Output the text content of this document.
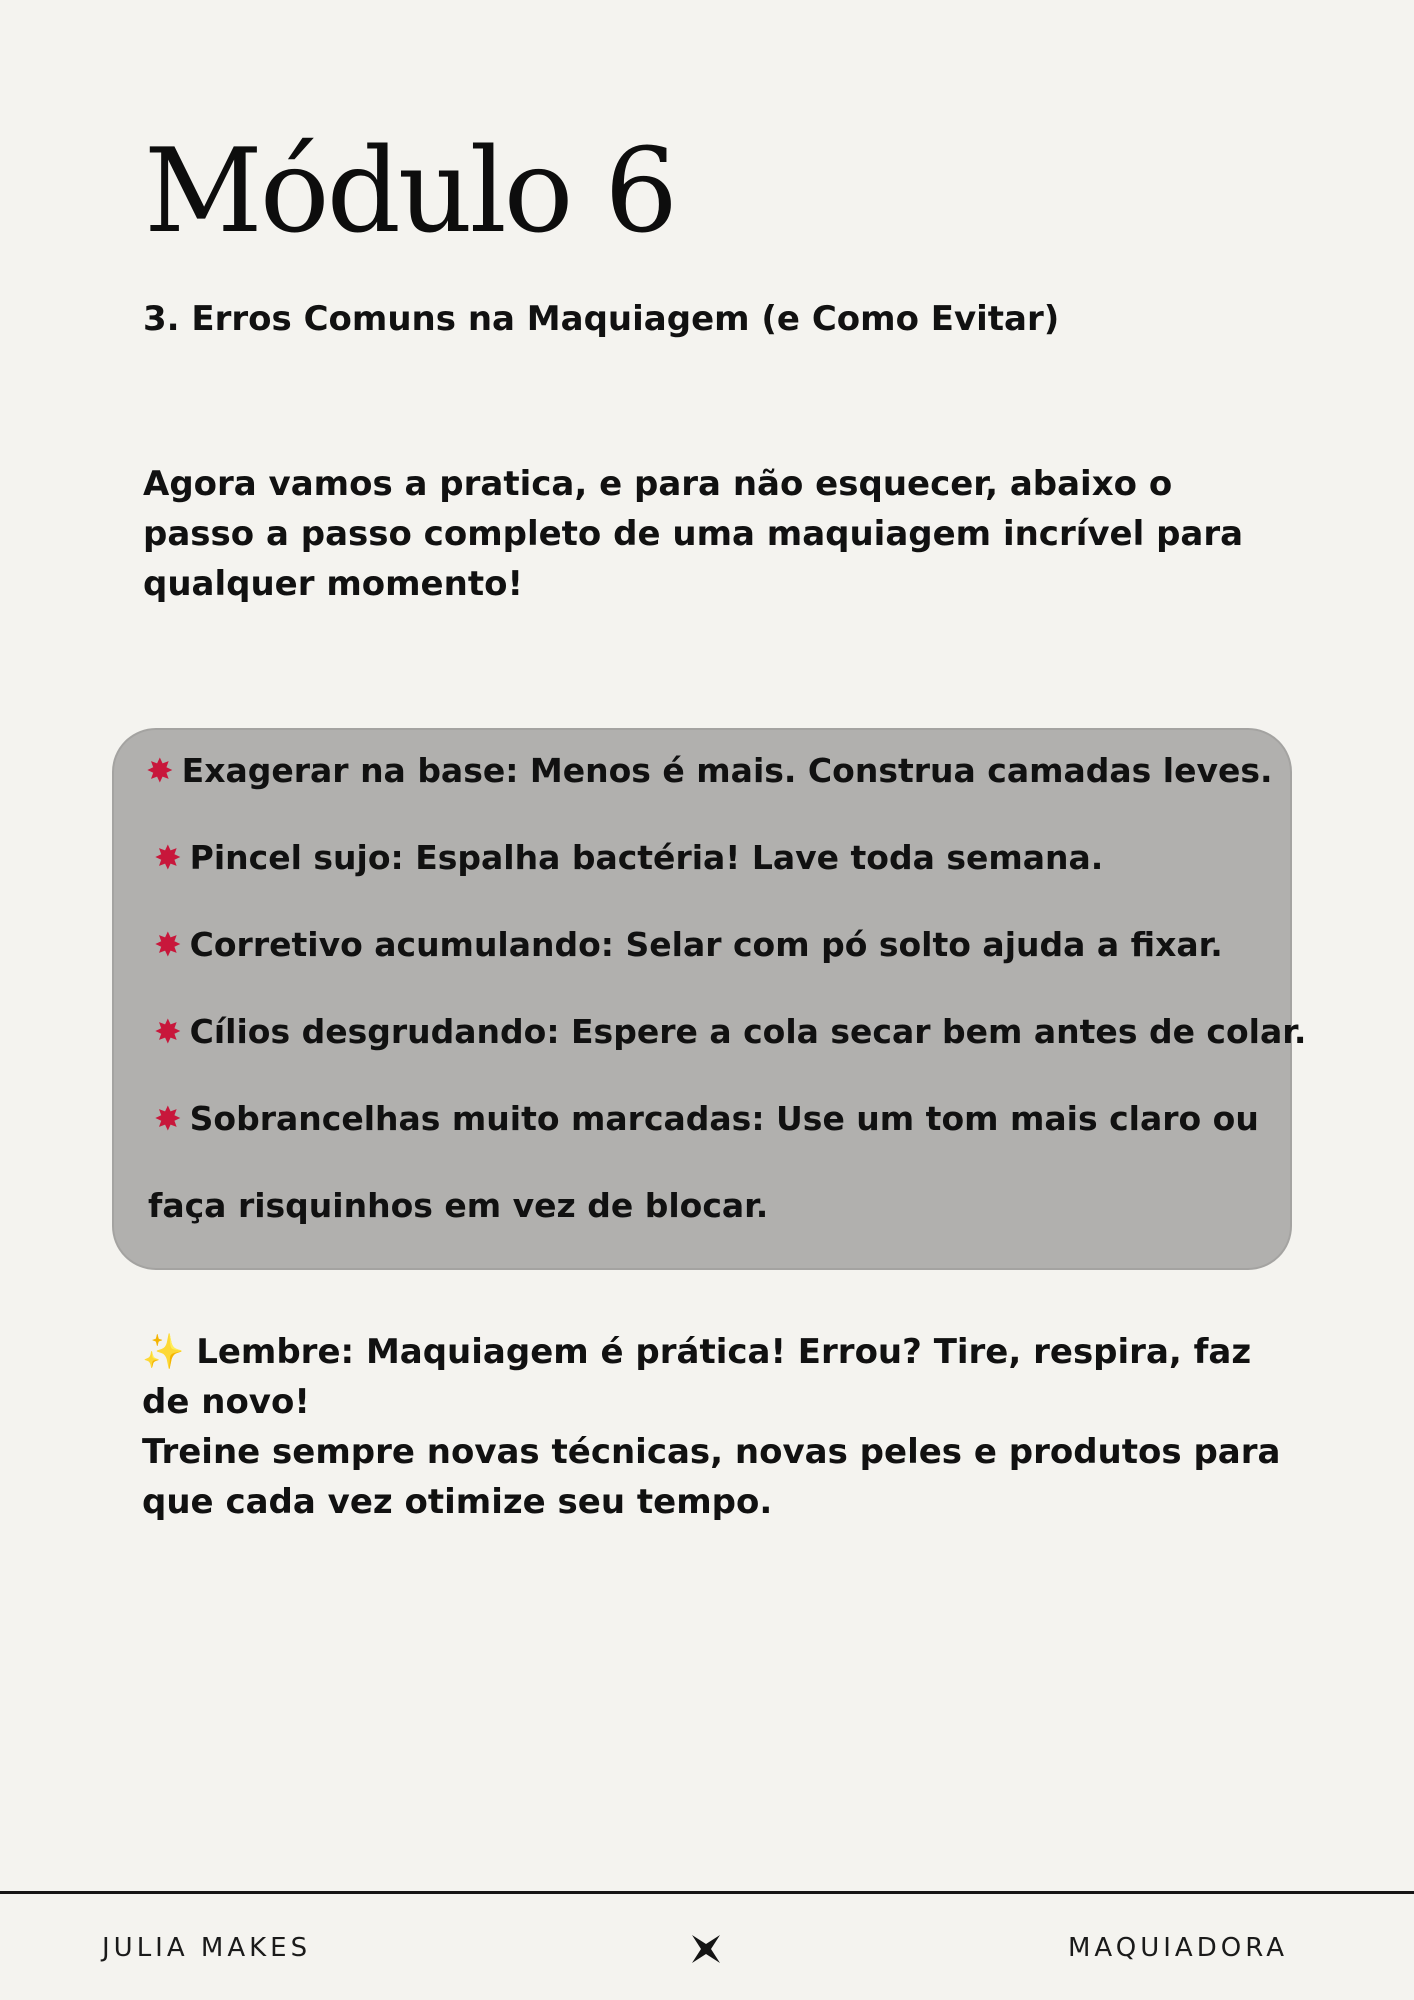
Módulo 6
3. Erros Comuns na Maquiagem (e Como Evitar)

Agora vamos a pratica, e para não esquecer, abaixo o passo a passo completo de uma maquiagem incrível para qualquer momento!

✸ Exagerar na base: Menos é mais. Construa camadas leves.

✸ Pincel sujo: Espalha bactéria! Lave toda semana.

✸ Corretivo acumulando: Selar com pó solto ajuda a fixar.

✸ Cílios desgrudando: Espere a cola secar bem antes de colar.

✸ Sobrancelhas muito marcadas: Use um tom mais claro ou

faça risquinhos em vez de blocar.

✨ Lembre: Maquiagem é prática! Errou? Tire, respira, faz de novo!
Treine sempre novas técnicas, novas peles e produtos para que cada vez otimize seu tempo.

JULIA MAKES	MAQUIADORA
